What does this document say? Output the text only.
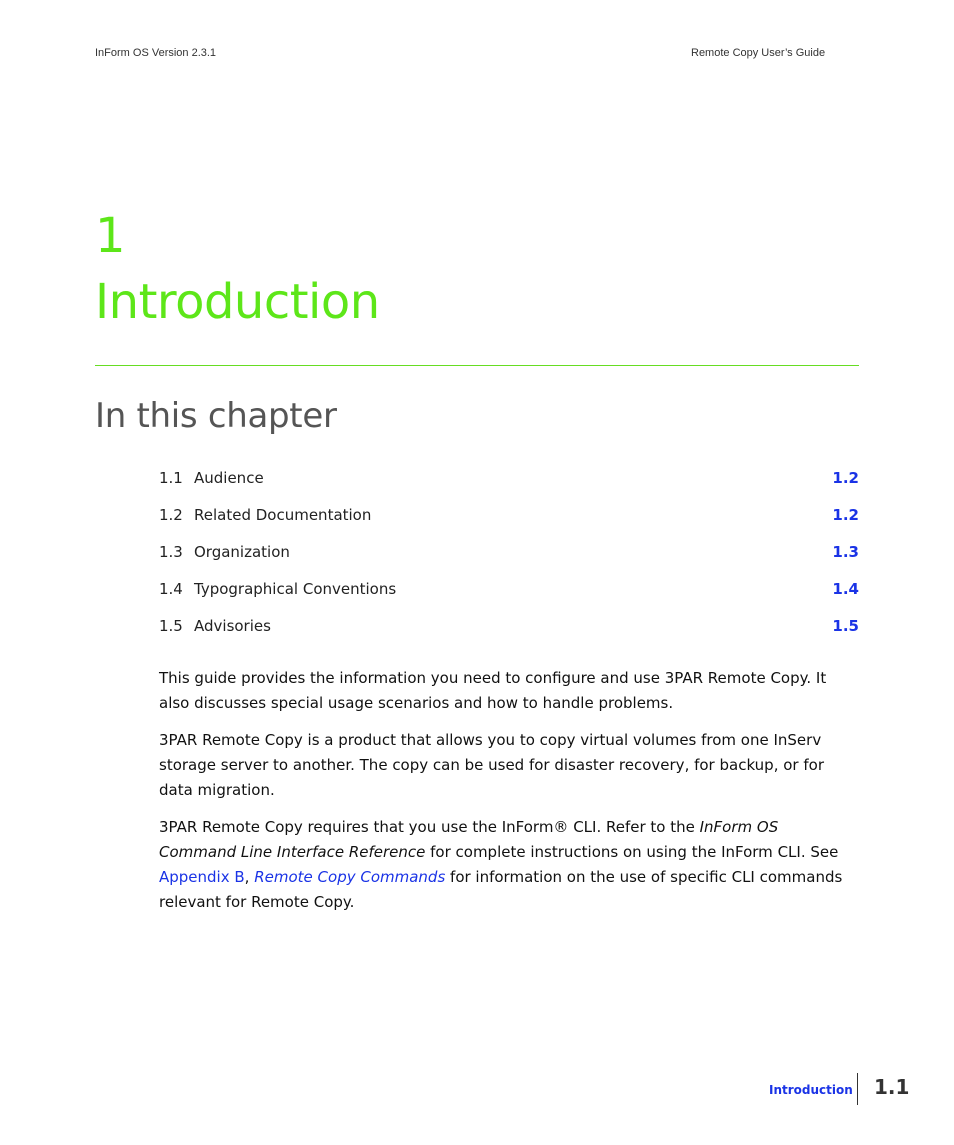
InForm OS Version 2.3.1	Remote Copy User’s Guide
1
Introduction
In this chapter
1.1 Audience	1.2
1.2 Related Documentation	1.2
1.3 Organization	1.3
1.4 Typographical Conventions	1.4
1.5 Advisories	1.5

This guide provides the information you need to configure and use 3PAR Remote Copy. It also discusses special usage scenarios and how to handle problems.

3PAR Remote Copy is a product that allows you to copy virtual volumes from one InServ storage server to another. The copy can be used for disaster recovery, for backup, or for data migration.

3PAR Remote Copy requires that you use the InForm® CLI. Refer to the InForm OS Command Line Interface Reference for complete instructions on using the InForm CLI. See Appendix B, Remote Copy Commands for information on the use of specific CLI commands relevant for Remote Copy.

Introduction 1.1
